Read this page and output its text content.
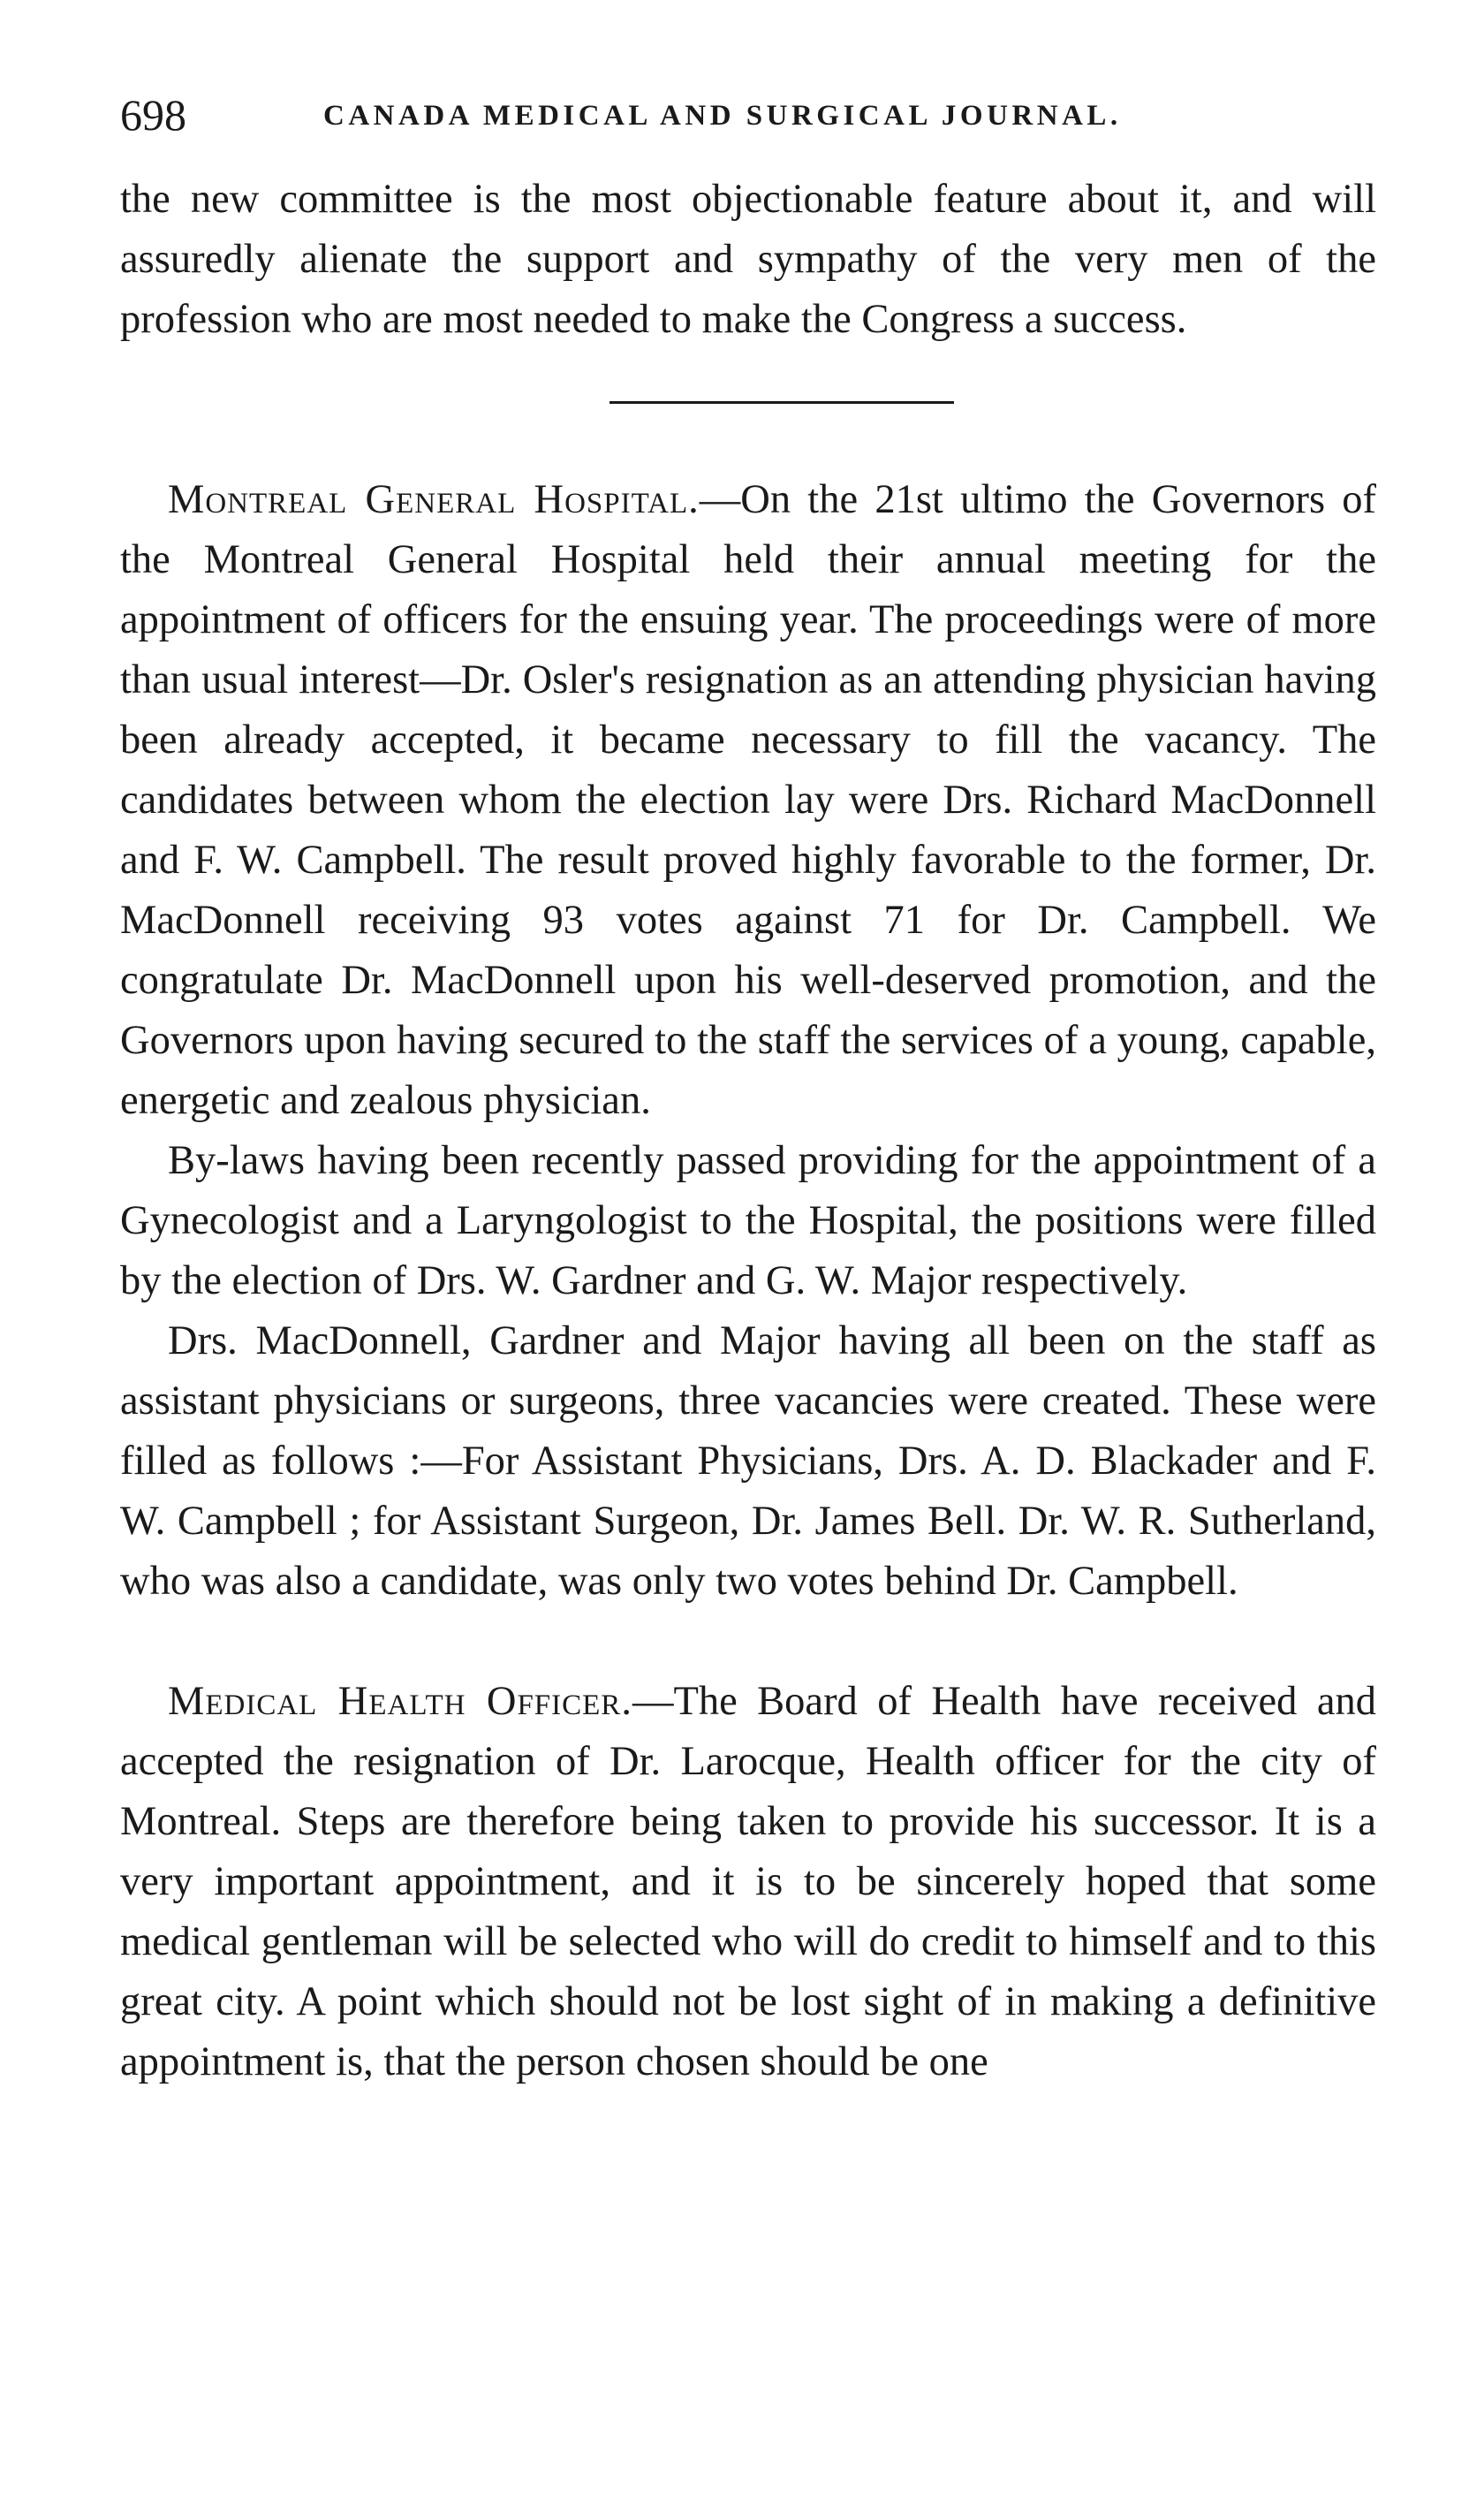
698	CANADA MEDICAL AND SURGICAL JOURNAL.

the new committee is the most objectionable feature about it, and will assuredly alienate the support and sympathy of the very men of the profession who are most needed to make the Congress a success.

Montreal General Hospital.—On the 21st ultimo the Governors of the Montreal General Hospital held their annual meeting for the appointment of officers for the ensuing year. The proceedings were of more than usual interest—Dr. Osler's resignation as an attending physician having been already accepted, it became necessary to fill the vacancy. The candidates between whom the election lay were Drs. Richard MacDonnell and F. W. Campbell. The result proved highly favorable to the former, Dr. MacDonnell receiving 93 votes against 71 for Dr. Campbell. We congratulate Dr. MacDonnell upon his well-deserved promotion, and the Governors upon having secured to the staff the services of a young, capable, energetic and zealous physician.

By-laws having been recently passed providing for the appointment of a Gynecologist and a Laryngologist to the Hospital, the positions were filled by the election of Drs. W. Gardner and G. W. Major respectively.

Drs. MacDonnell, Gardner and Major having all been on the staff as assistant physicians or surgeons, three vacancies were created. These were filled as follows :—For Assistant Physicians, Drs. A. D. Blackader and F. W. Campbell ; for Assistant Surgeon, Dr. James Bell. Dr. W. R. Sutherland, who was also a candidate, was only two votes behind Dr. Campbell.

Medical Health Officer.—The Board of Health have received and accepted the resignation of Dr. Larocque, Health officer for the city of Montreal. Steps are therefore being taken to provide his successor. It is a very important appointment, and it is to be sincerely hoped that some medical gentleman will be selected who will do credit to himself and to this great city. A point which should not be lost sight of in making a definitive appointment is, that the person chosen should be one
